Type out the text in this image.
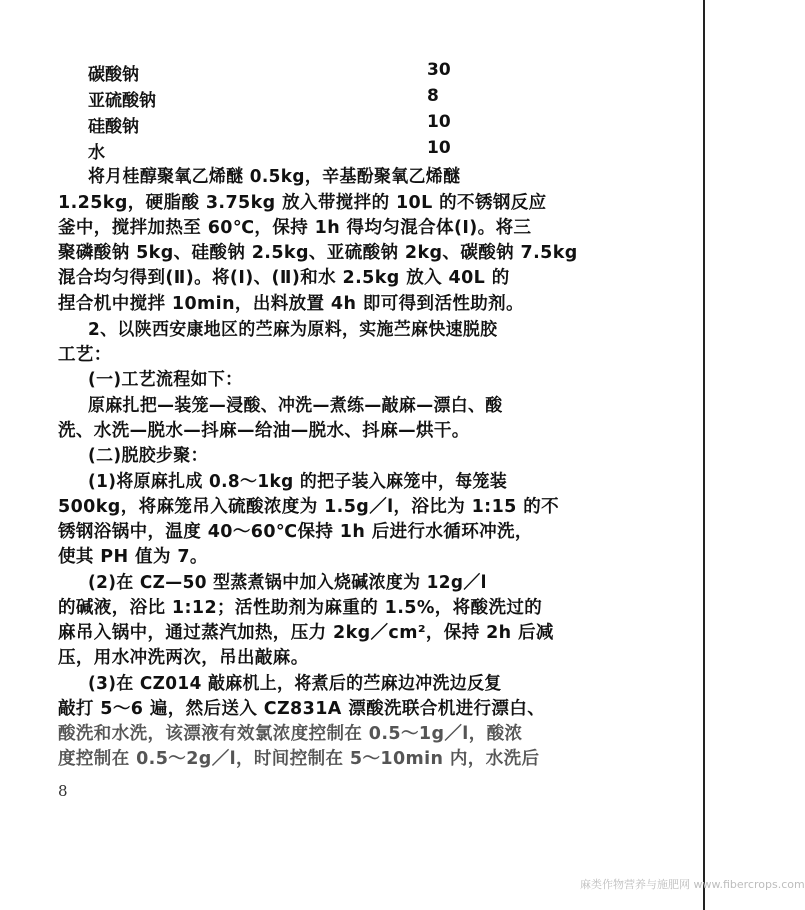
碳酸钠	30
亚硫酸钠	8
硅酸钠	10
水	10
将月桂醇聚氧乙烯醚 0.5kg，辛基酚聚氧乙烯醚
1.25kg，硬脂酸 3.75kg 放入带搅拌的 10L 的不锈钢反应
釜中，搅拌加热至 60℃，保持 1h 得均匀混合体(Ⅰ)。将三
聚磷酸钠 5kg、硅酸钠 2.5kg、亚硫酸钠 2kg、碳酸钠 7.5kg
混合均匀得到(Ⅱ)。将(Ⅰ)、(Ⅱ)和水 2.5kg 放入 40L 的
捏合机中搅拌 10min，出料放置 4h 即可得到活性助剂。
2、以陕西安康地区的苎麻为原料，实施苎麻快速脱胶
工艺：
(一)工艺流程如下：
原麻扎把—装笼—浸酸、冲洗—煮练—敲麻—漂白、酸
洗、水洗—脱水—抖麻—给油—脱水、抖麻—烘干。
(二)脱胶步聚：
(1)将原麻扎成 0.8～1kg 的把子装入麻笼中，每笼装
500kg，将麻笼吊入硫酸浓度为 1.5g／l，浴比为 1:15 的不
锈钢浴锅中，温度 40～60℃保持 1h 后进行水循环冲洗，
使其 PH 值为 7。
(2)在 CZ—50 型蒸煮锅中加入烧碱浓度为 12g／l
的碱液，浴比 1:12；活性助剂为麻重的 1.5%，将酸洗过的
麻吊入锅中，通过蒸汽加热，压力 2kg／cm²，保持 2h 后减
压，用水冲洗两次，吊出敲麻。
(3)在 CZ014 敲麻机上，将煮后的苎麻边冲洗边反复
敲打 5～6 遍，然后送入 CZ831A 漂酸洗联合机进行漂白、
酸洗和水洗，该漂液有效氯浓度控制在 0.5～1g／l，酸浓
度控制在 0.5～2g／l，时间控制在 5～10min 内，水洗后
8
麻类作物营养与施肥网 www.fibercrops.com
